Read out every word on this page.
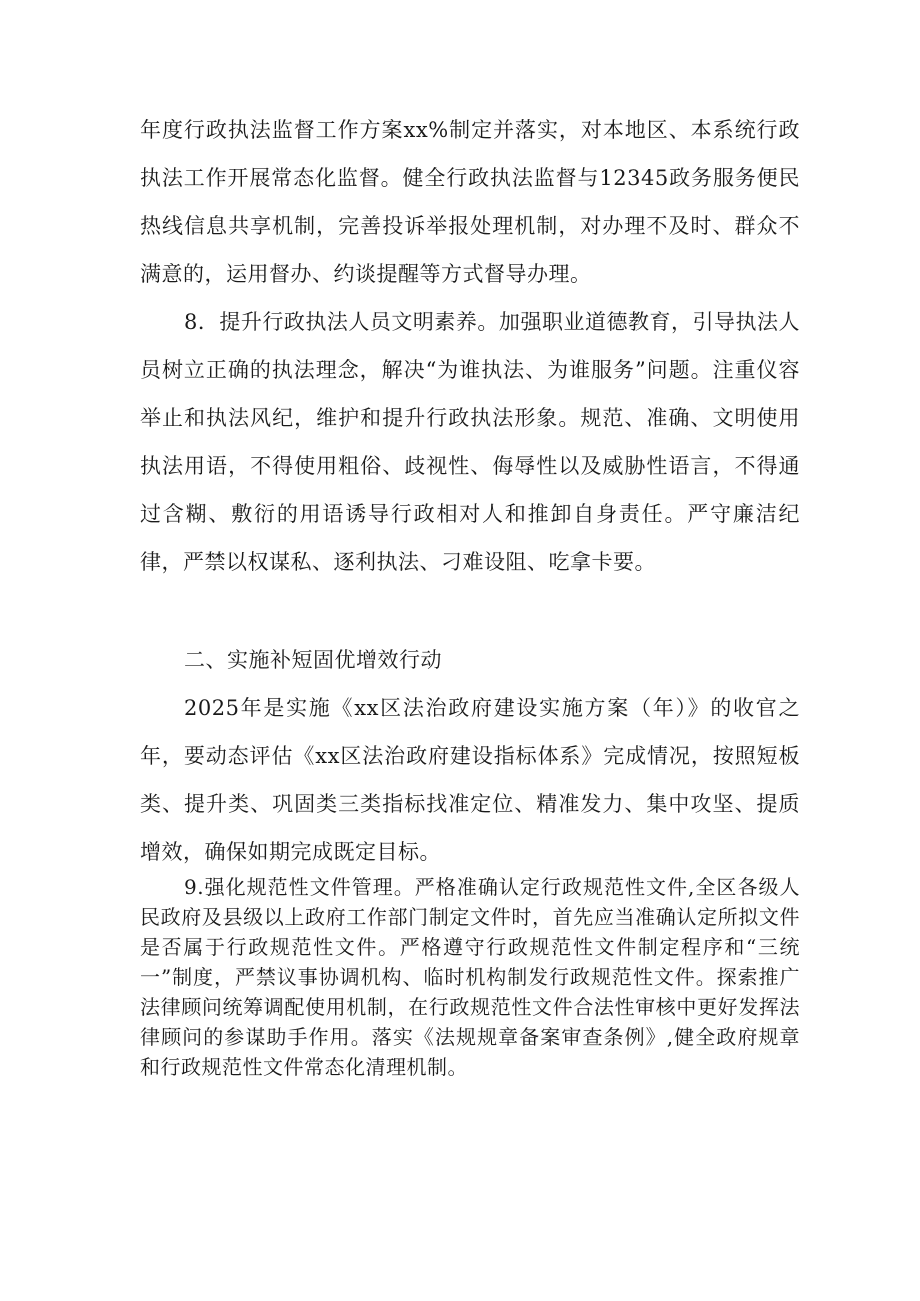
年度行政执法监督工作方案xx%制定并落实，对本地区、本系统行政执法工作开展常态化监督。健全行政执法监督与12345政务服务便民热线信息共享机制，完善投诉举报处理机制，对办理不及时、群众不满意的，运用督办、约谈提醒等方式督导办理。

8．提升行政执法人员文明素养。加强职业道德教育，引导执法人员树立正确的执法理念，解决“为谁执法、为谁服务”问题。注重仪容举止和执法风纪，维护和提升行政执法形象。规范、准确、文明使用执法用语，不得使用粗俗、歧视性、侮辱性以及威胁性语言，不得通过含糊、敷衍的用语诱导行政相对人和推卸自身责任。严守廉洁纪律，严禁以权谋私、逐利执法、刁难设阻、吃拿卡要。

二、实施补短固优增效行动

2025年是实施《xx区法治政府建设实施方案（年）》的收官之年，要动态评估《xx区法治政府建设指标体系》完成情况，按照短板类、提升类、巩固类三类指标找准定位、精准发力、集中攻坚、提质增效，确保如期完成既定目标。

9.强化规范性文件管理。严格准确认定行政规范性文件,全区各级人民政府及县级以上政府工作部门制定文件时，首先应当准确认定所拟文件是否属于行政规范性文件。严格遵守行政规范性文件制定程序和“三统一”制度，严禁议事协调机构、临时机构制发行政规范性文件。探索推广法律顾问统筹调配使用机制，在行政规范性文件合法性审核中更好发挥法律顾问的参谋助手作用。落实《法规规章备案审查条例》,健全政府规章和行政规范性文件常态化清理机制。
